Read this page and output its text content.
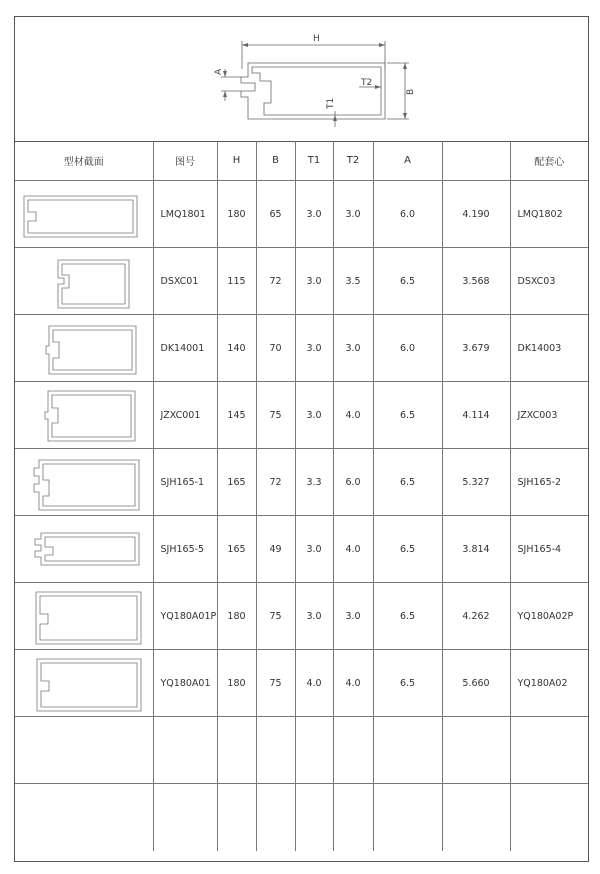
H
B
A
T2
T1
型材截面	图号	H	B	T1	T2	A		配套心

	LMQ1801	180	65	3.0	3.0	6.0	4.190	LMQ1802

	DSXC01	115	72	3.0	3.5	6.5	3.568	DSXC03

	DK14001	140	70	3.0	3.0	6.0	3.679	DK14003

	JZXC001	145	75	3.0	4.0	6.5	4.114	JZXC003

	SJH165-1	165	72	3.3	6.0	6.5	5.327	SJH165-2

	SJH165-5	165	49	3.0	4.0	6.5	3.814	SJH165-4

	YQ180A01P	180	75	3.0	3.0	6.5	4.262	YQ180A02P

	YQ180A01	180	75	4.0	4.0	6.5	5.660	YQ180A02
